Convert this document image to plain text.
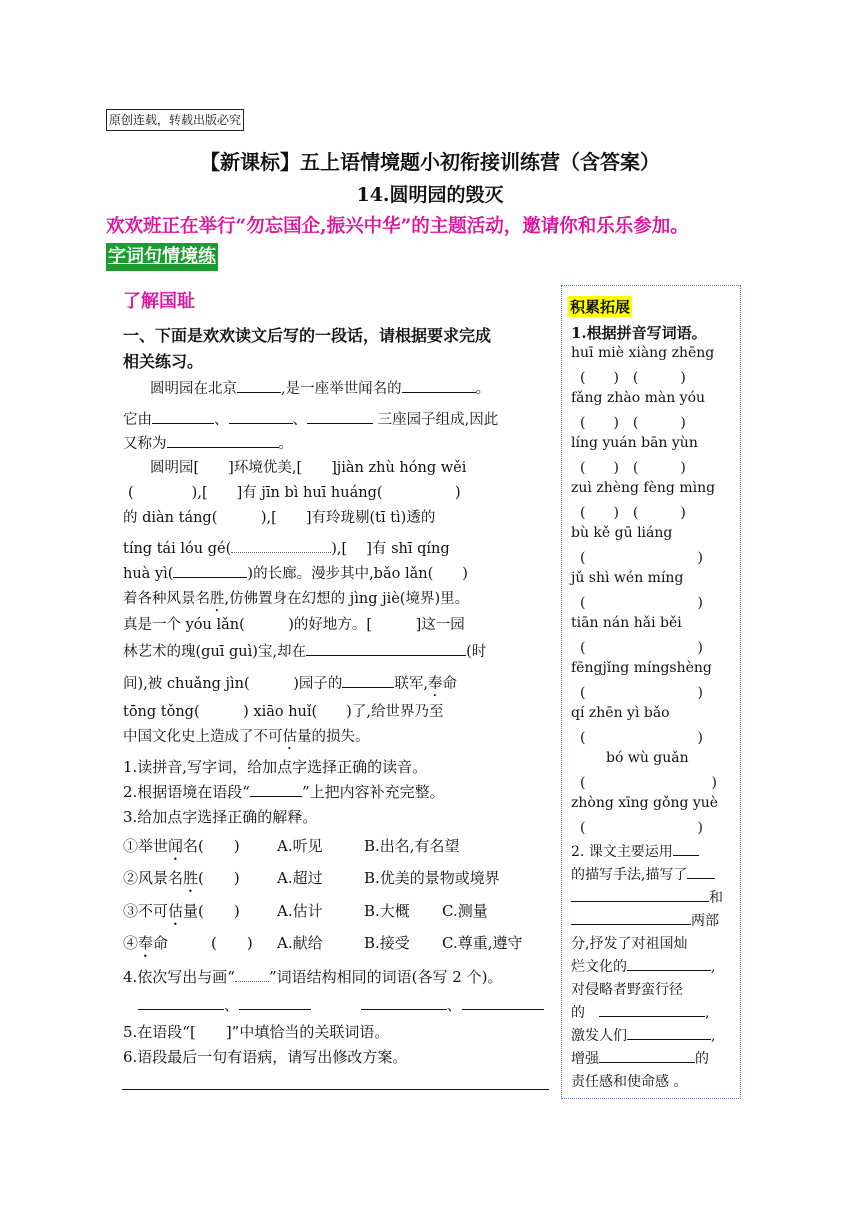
原创连载，转载出版必究
【新课标】五上语情境题小初衔接训练营（含答案）
14.圆明园的毁灭
欢欢班正在举行“勿忘国企,振兴中华”的主题活动，邀请你和乐乐参加。
字词句情境练
了解国耻
一、下面是欢欢读文后写的一段话，请根据要求完成
相关练习。
圆明园在北京	,是一座举世闻名的	。
它由	、	、	三座园子组成,因此
又称为	。
圆明园[　　 ]环境优美,[　　 ]jiàn zhù hóng wěi
(　　　　	),[　　 ]有 jīn bì huī huáng(　　　　　	)
的 diàn táng(　　　	),[　　 ]有玲珑剔(tī tì)透的
tíng tái lóu gé(	),[　 ]有 shī qíng
huà yì(	)的长廊。漫步其中,bǎo lǎn(　　 )
着各种风景名胜,仿佛置身在幻想的 jìng jiè(境界)里。
真是一个 yóu lǎn(　　　	)的好地方。[　　　	]这一园
林艺术的瑰(guī guì)宝,却在	(时
间),被 chuǎng jìn(　　　	)园子的	联军,奉命
tōng tǒng(　　　	) xiāo huǐ(　　 )了,给世界乃至
中国文化史上造成了不可估量的损失。
1.读拼音,写字词，给加点字选择正确的读音。
2.根据语境在语段“	”上把内容补充完整。
3.给加点字选择正确的解释。
①举世闻名(　　) A.听见	B.出名,有名望
②风景名胜(　　) A.超过	B.优美的景物或境界
③不可估量(　　) A.估计	B.大概 C.测量
④奉命	(　　) A.献给	B.接受 C.尊重,遵守
4.依次写出与画“ ”词语结构相同的词语(各写 2 个)。
、	、
5.在语段“[　　]”中填恰当的关联词语。
6.语段最后一句有语病，请写出修改方案。
积累拓展
1.根据拼音写词语。
huī miè xiàng zhēng
(　　)　(　　　)
fǎng zhào màn yóu
(　　)　(　　　)
líng yuán bān yùn
(　　)　(　　　)
zuì zhèng fèng mìng
(　　)　(　　　)
bù kě gū liáng
(　　　　　　　　)
jǔ shì wén míng
(　　　　　　　　)
tiān nán hǎi běi
(　　　　　　　　)
fēngjǐng míngshèng
(　　　　　　　　)
qí zhēn yì bǎo
(　　　　　　　　)
bó wù guǎn
(　　　　　　　　　)
zhòng xīng gǒng yuè
(　　　　　　　　)
2. 课文主要运用
的描写手法,描写了
和
两部
分,抒发了对祖国灿
烂文化的	,
对侵略者野蛮行径
的　	,
激发人们	,
增强	的
责任感和使命感 。
